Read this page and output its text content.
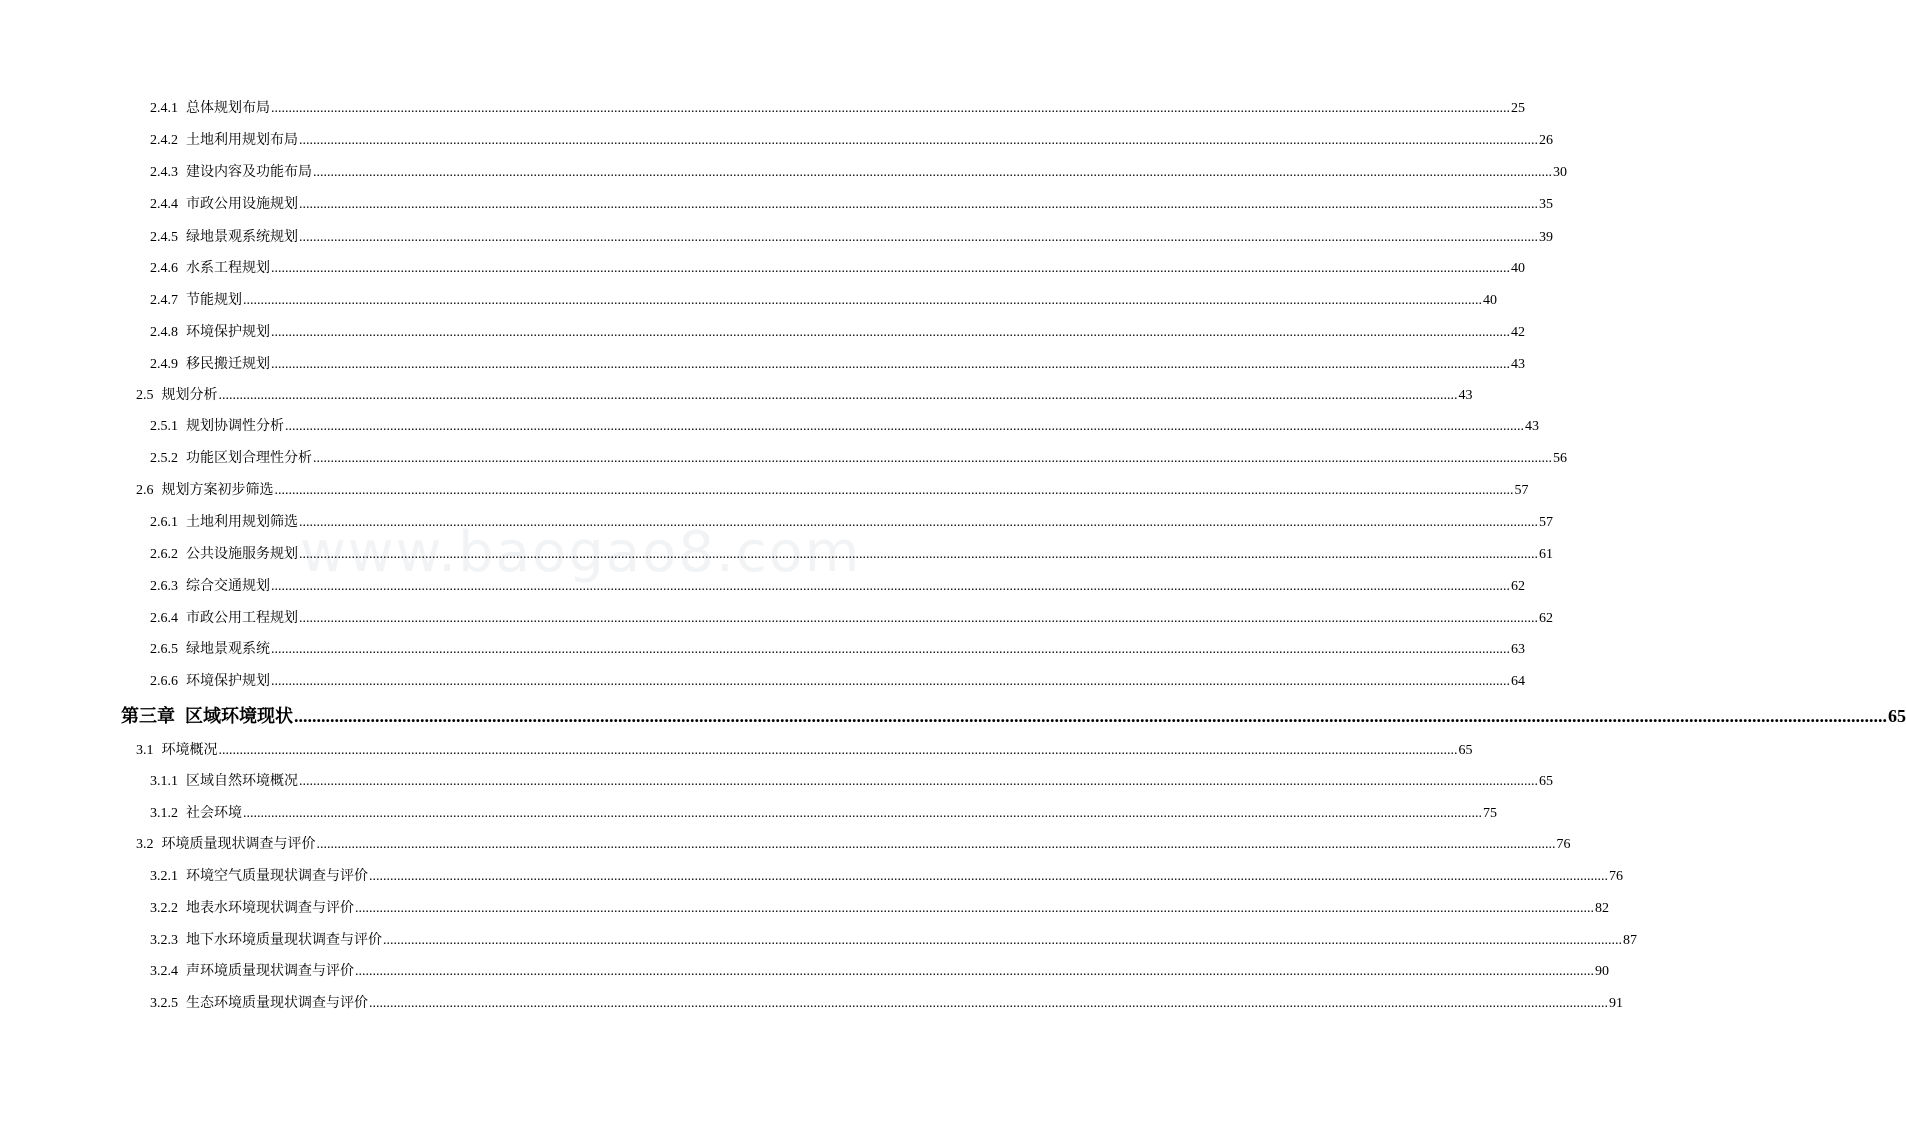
www.baogao8.com
2.4.1 总体规划布局 .....	25
2.4.2 土地利用规划布局 .....	26
2.4.3 建设内容及功能布局 .....	30
2.4.4 市政公用设施规划 .....	35
2.4.5 绿地景观系统规划 .....	39
2.4.6 水系工程规划 .....	40
2.4.7 节能规划 .....	40
2.4.8 环境保护规划 .....	42
2.4.9 移民搬迁规划 .....	43
2.5 规划分析 .....	43
2.5.1 规划协调性分析 .....	43
2.5.2 功能区划合理性分析 .....	56
2.6 规划方案初步筛选 .....	57
2.6.1 土地利用规划筛选 .....	57
2.6.2 公共设施服务规划 .....	61
2.6.3 综合交通规划 .....	62
2.6.4 市政公用工程规划 .....	62
2.6.5 绿地景观系统 .....	63
2.6.6 环境保护规划 .....	64
第三章 区域环境现状 .....	65
3.1 环境概况 .....	65
3.1.1 区域自然环境概况 .....	65
3.1.2 社会环境 .....	75
3.2 环境质量现状调查与评价 .....	76
3.2.1 环境空气质量现状调查与评价 .....	76
3.2.2 地表水环境现状调查与评价 .....	82
3.2.3 地下水环境质量现状调查与评价 .....	87
3.2.4 声环境质量现状调查与评价 .....	90
3.2.5 生态环境质量现状调查与评价 .....	91
